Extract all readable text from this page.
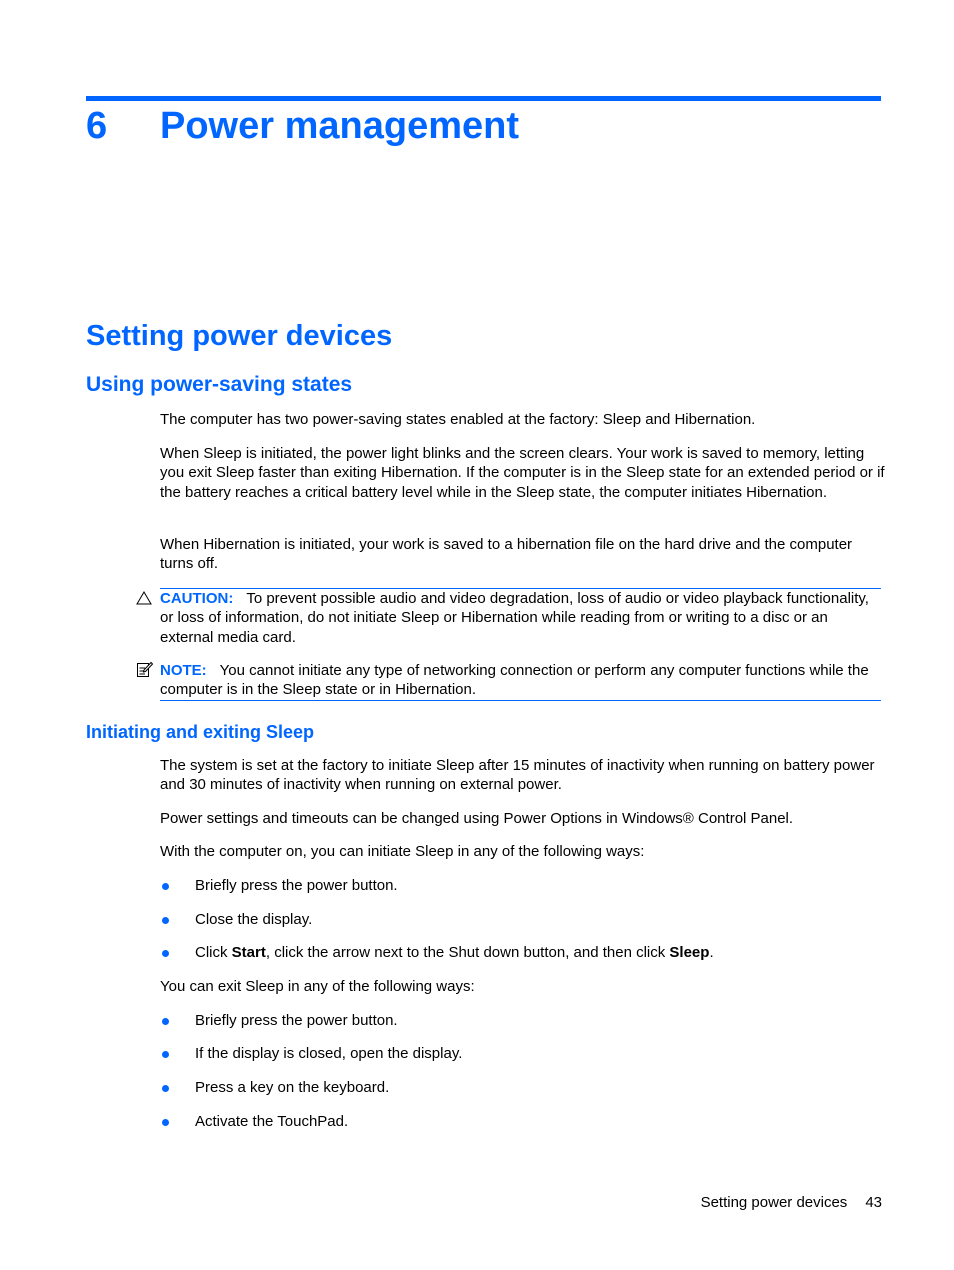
6 Power management
Setting power devices
Using power-saving states

The computer has two power-saving states enabled at the factory: Sleep and Hibernation.

When Sleep is initiated, the power light blinks and the screen clears. Your work is saved to memory, letting you exit Sleep faster than exiting Hibernation. If the computer is in the Sleep state for an extended period or if the battery reaches a critical battery level while in the Sleep state, the computer initiates Hibernation.

When Hibernation is initiated, your work is saved to a hibernation file on the hard drive and the computer turns off.

CAUTION: To prevent possible audio and video degradation, loss of audio or video playback functionality, or loss of information, do not initiate Sleep or Hibernation while reading from or writing to a disc or an external media card.
NOTE: You cannot initiate any type of networking connection or perform any computer functions while the computer is in the Sleep state or in Hibernation.
Initiating and exiting Sleep

The system is set at the factory to initiate Sleep after 15 minutes of inactivity when running on battery power and 30 minutes of inactivity when running on external power.

Power settings and timeouts can be changed using Power Options in Windows® Control Panel.

With the computer on, you can initiate Sleep in any of the following ways:

Briefly press the power button.
Close the display.
Click Start, click the arrow next to the Shut down button, and then click Sleep.

You can exit Sleep in any of the following ways:

Briefly press the power button.
If the display is closed, open the display.
Press a key on the keyboard.
Activate the TouchPad.
Setting power devices 43
